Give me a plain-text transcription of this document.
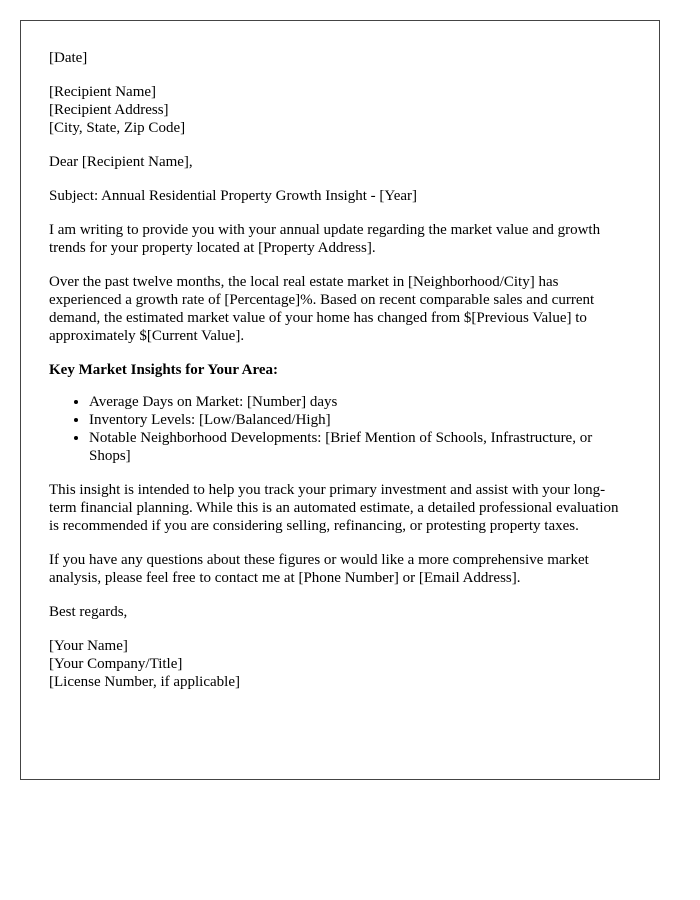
[Date]

[Recipient Name]
[Recipient Address]
[City, State, Zip Code]

Dear [Recipient Name],

Subject: Annual Residential Property Growth Insight - [Year]

I am writing to provide you with your annual update regarding the market value and growth trends for your property located at [Property Address].

Over the past twelve months, the local real estate market in [Neighborhood/City] has experienced a growth rate of [Percentage]%. Based on recent comparable sales and current demand, the estimated market value of your home has changed from $[Previous Value] to approximately $[Current Value].

Key Market Insights for Your Area:

• Average Days on Market: [Number] days
• Inventory Levels: [Low/Balanced/High]
• Notable Neighborhood Developments: [Brief Mention of Schools, Infrastructure, or Shops]

This insight is intended to help you track your primary investment and assist with your long-term financial planning. While this is an automated estimate, a detailed professional evaluation is recommended if you are considering selling, refinancing, or protesting property taxes.

If you have any questions about these figures or would like a more comprehensive market analysis, please feel free to contact me at [Phone Number] or [Email Address].

Best regards,

[Your Name]
[Your Company/Title]
[License Number, if applicable]
